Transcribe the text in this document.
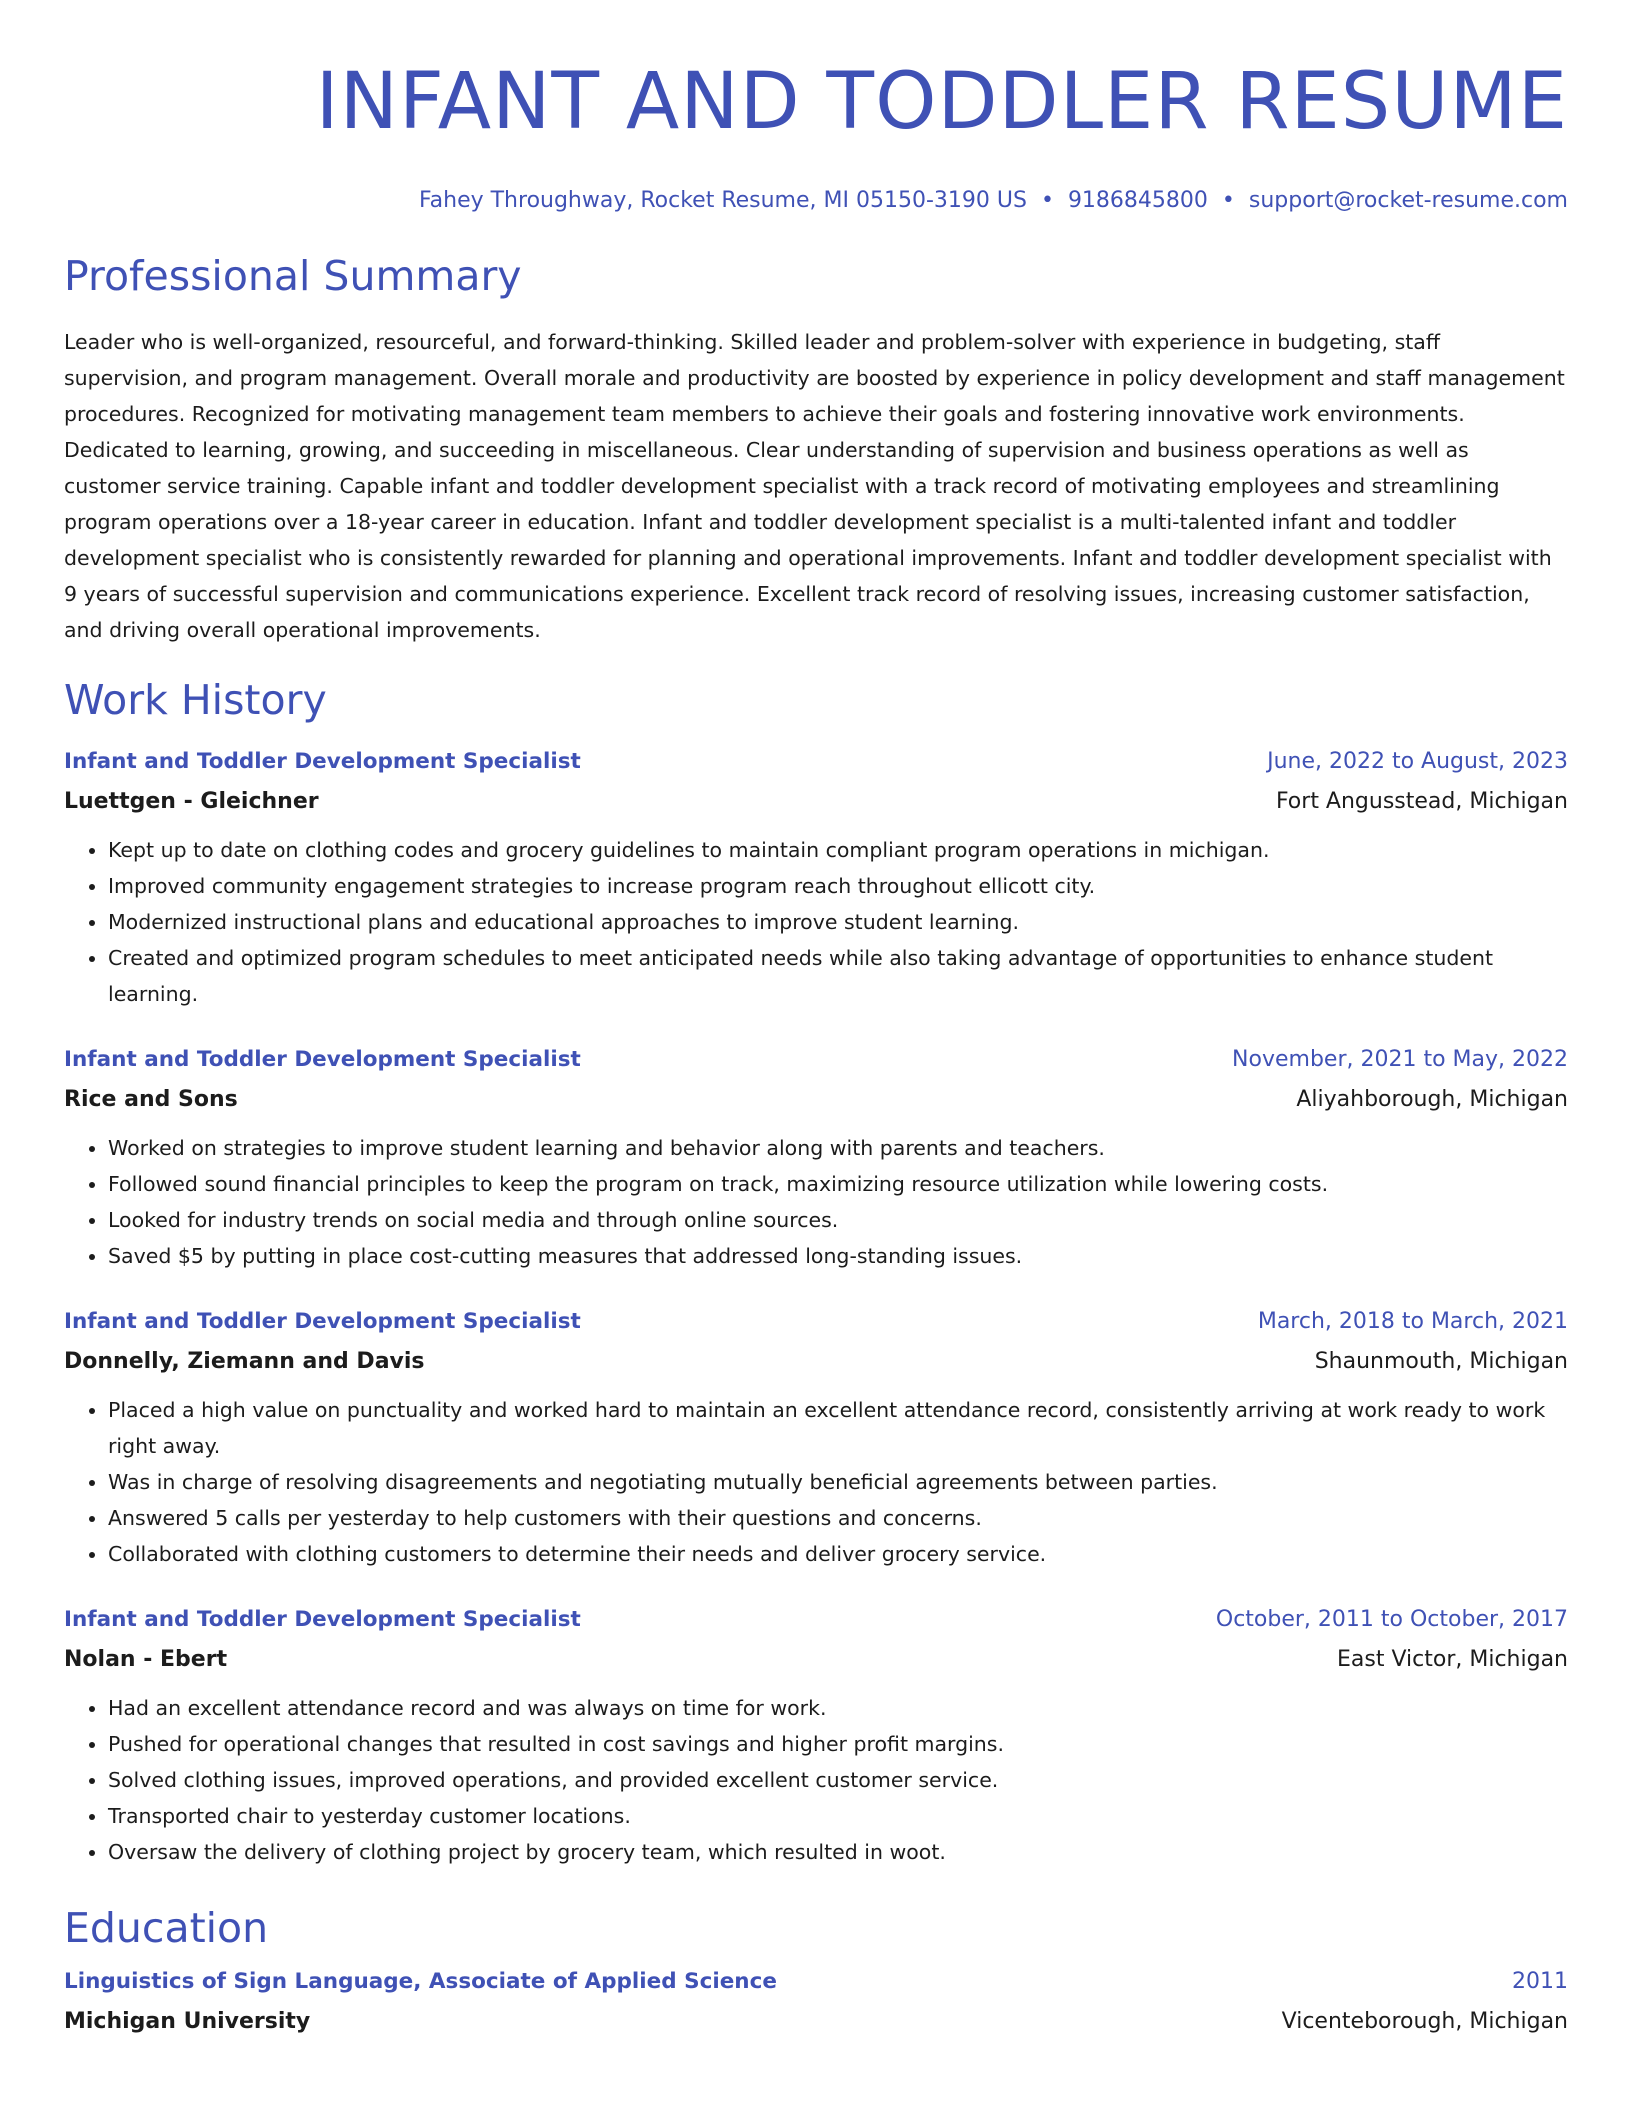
INFANT AND TODDLER RESUME
Fahey Throughway, Rocket Resume, MI 05150-3190 US • 9186845800 • support@rocket-resume.com
Professional Summary

Leader who is well-organized, resourceful, and forward-thinking. Skilled leader and problem-solver with experience in budgeting, staff supervision, and program management. Overall morale and productivity are boosted by experience in policy development and staff management procedures. Recognized for motivating management team members to achieve their goals and fostering innovative work environments. Dedicated to learning, growing, and succeeding in miscellaneous. Clear understanding of supervision and business operations as well as customer service training. Capable infant and toddler development specialist with a track record of motivating employees and streamlining program operations over a 18-year career in education. Infant and toddler development specialist is a multi-talented infant and toddler development specialist who is consistently rewarded for planning and operational improvements. Infant and toddler development specialist with 9 years of successful supervision and communications experience. Excellent track record of resolving issues, increasing customer satisfaction, and driving overall operational improvements.

Work History
Infant and Toddler Development Specialist	June, 2022 to August, 2023
Luettgen - Gleichner	Fort Angusstead, Michigan
• Kept up to date on clothing codes and grocery guidelines to maintain compliant program operations in michigan.
• Improved community engagement strategies to increase program reach throughout ellicott city.
• Modernized instructional plans and educational approaches to improve student learning.
• Created and optimized program schedules to meet anticipated needs while also taking advantage of opportunities to enhance student learning.
Infant and Toddler Development Specialist	November, 2021 to May, 2022
Rice and Sons	Aliyahborough, Michigan
• Worked on strategies to improve student learning and behavior along with parents and teachers.
• Followed sound financial principles to keep the program on track, maximizing resource utilization while lowering costs.
• Looked for industry trends on social media and through online sources.
• Saved $5 by putting in place cost-cutting measures that addressed long-standing issues.
Infant and Toddler Development Specialist	March, 2018 to March, 2021
Donnelly, Ziemann and Davis	Shaunmouth, Michigan
• Placed a high value on punctuality and worked hard to maintain an excellent attendance record, consistently arriving at work ready to work right away.
• Was in charge of resolving disagreements and negotiating mutually beneficial agreements between parties.
• Answered 5 calls per yesterday to help customers with their questions and concerns.
• Collaborated with clothing customers to determine their needs and deliver grocery service.
Infant and Toddler Development Specialist	October, 2011 to October, 2017
Nolan - Ebert	East Victor, Michigan
• Had an excellent attendance record and was always on time for work.
• Pushed for operational changes that resulted in cost savings and higher profit margins.
• Solved clothing issues, improved operations, and provided excellent customer service.
• Transported chair to yesterday customer locations.
• Oversaw the delivery of clothing project by grocery team, which resulted in woot.
Education
Linguistics of Sign Language, Associate of Applied Science	2011
Michigan University	Vicenteborough, Michigan
